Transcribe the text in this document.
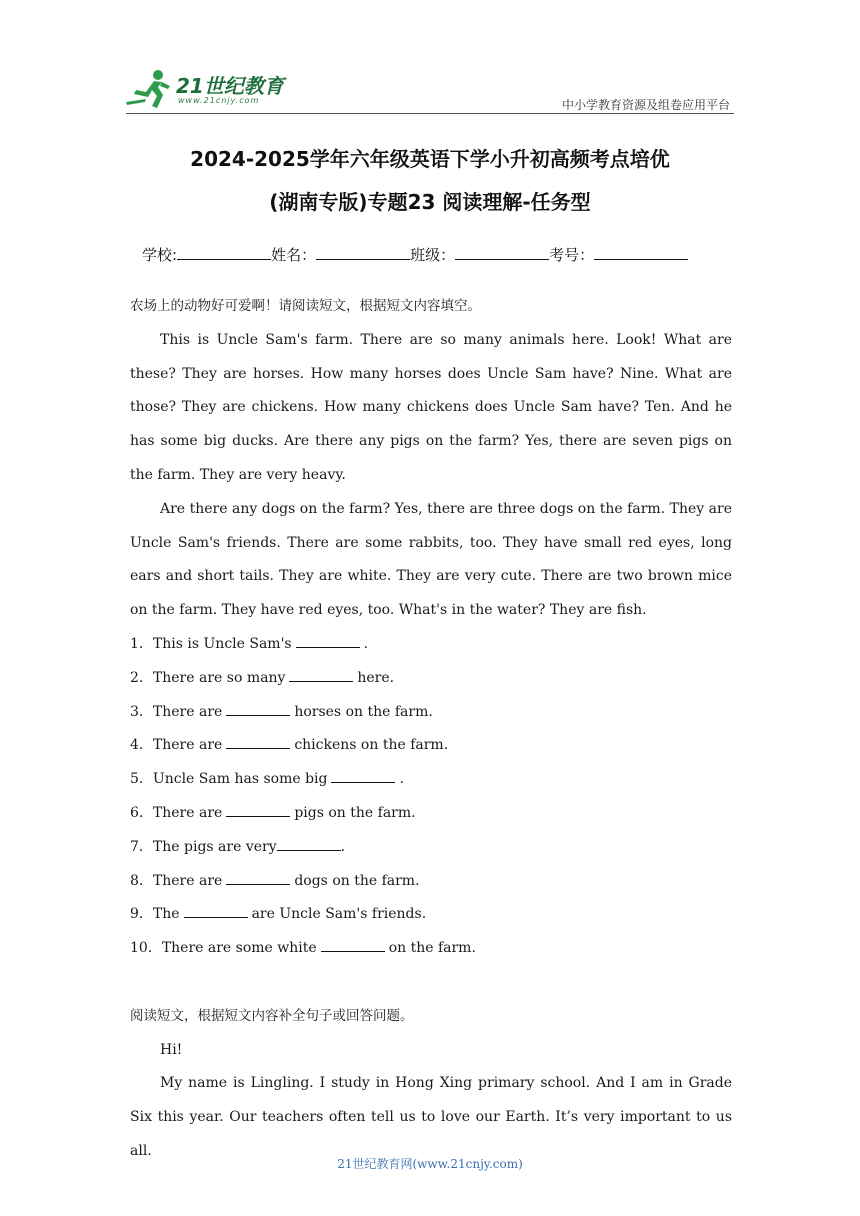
21世纪教育
www.21cnjy.com	中小学教育资源及组卷应用平台
2024-2025学年六年级英语下学小升初高频考点培优
(湖南专版)专题23 阅读理解-任务型
学校:	姓名：	班级：	考号：

农场上的动物好可爱啊！请阅读短文，根据短文内容填空。

This is Uncle Sam's farm. There are so many animals here. Look! What are these? They are horses. How many horses does Uncle Sam have? Nine. What are those? They are chickens. How many chickens does Uncle Sam have? Ten. And he has some big ducks. Are there any pigs on the farm? Yes, there are seven pigs on the farm. They are very heavy.

Are there any dogs on the farm? Yes, there are three dogs on the farm. They are Uncle Sam's friends. There are some rabbits, too. They have small red eyes, long ears and short tails. They are white. They are very cute. There are two brown mice on the farm. They have red eyes, too. What's in the water? They are fish.

1．This is Uncle Sam's	.

2．There are so many	here.

3．There are	horses on the farm.

4．There are	chickens on the farm.

5．Uncle Sam has some big	.

6．There are	pigs on the farm.

7．The pigs are very	.

8．There are	dogs on the farm.

9．The	are Uncle Sam's friends.

10．There are some white	on the farm.

阅读短文，根据短文内容补全句子或回答问题。

Hi!

My name is Lingling. I study in Hong Xing primary school. And I am in Grade Six this year. Our teachers often tell us to love our Earth. It’s very important to us all.

21世纪教育网(www.21cnjy.com)
